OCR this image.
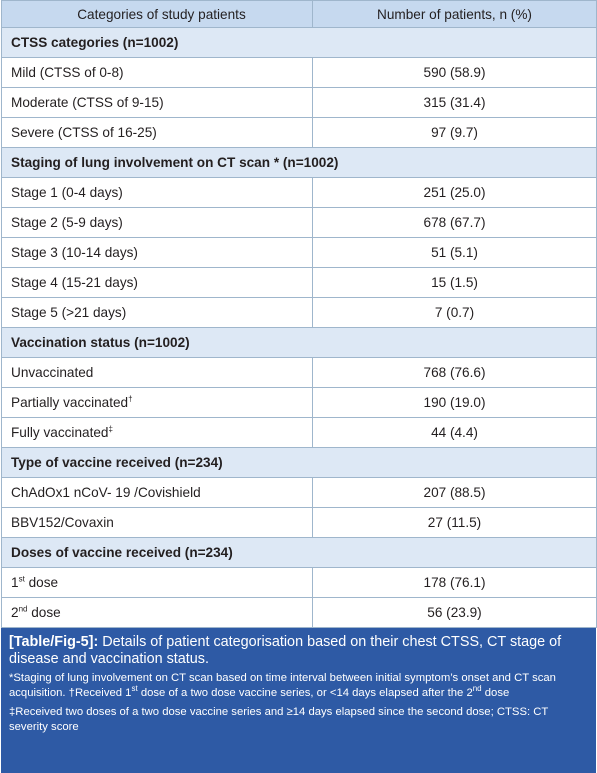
Categories of study patients	Number of patients, n (%)
CTSS categories (n=1002)	
Mild (CTSS of 0-8)	590 (58.9)
Moderate (CTSS of 9-15)	315 (31.4)
Severe (CTSS of 16-25)	97 (9.7)
Staging of lung involvement on CT scan * (n=1002)	
Stage 1 (0-4 days)	251 (25.0)
Stage 2 (5-9 days)	678 (67.7)
Stage 3 (10-14 days)	51 (5.1)
Stage 4 (15-21 days)	15 (1.5)
Stage 5 (>21 days)	7 (0.7)
Vaccination status (n=1002)	
Unvaccinated	768 (76.6)
Partially vaccinated†	190 (19.0)
Fully vaccinated‡	44 (4.4)
Type of vaccine received (n=234)	
ChAdOx1 nCoV- 19 /Covishield	207 (88.5)
BBV152/Covaxin	27 (11.5)
Doses of vaccine received (n=234)	
1st dose	178 (76.1)
2nd dose	56 (23.9)
[Table/Fig-5]: Details of patient categorisation based on their chest CTSS, CT stage of disease and vaccination status.
*Staging of lung involvement on CT scan based on time interval between initial symptom’s onset and CT scan acquisition. †Received 1st dose of a two dose vaccine series, or <14 days elapsed after the 2nd dose
‡Received two doses of a two dose vaccine series and ≥14 days elapsed since the second dose; CTSS: CT severity score
